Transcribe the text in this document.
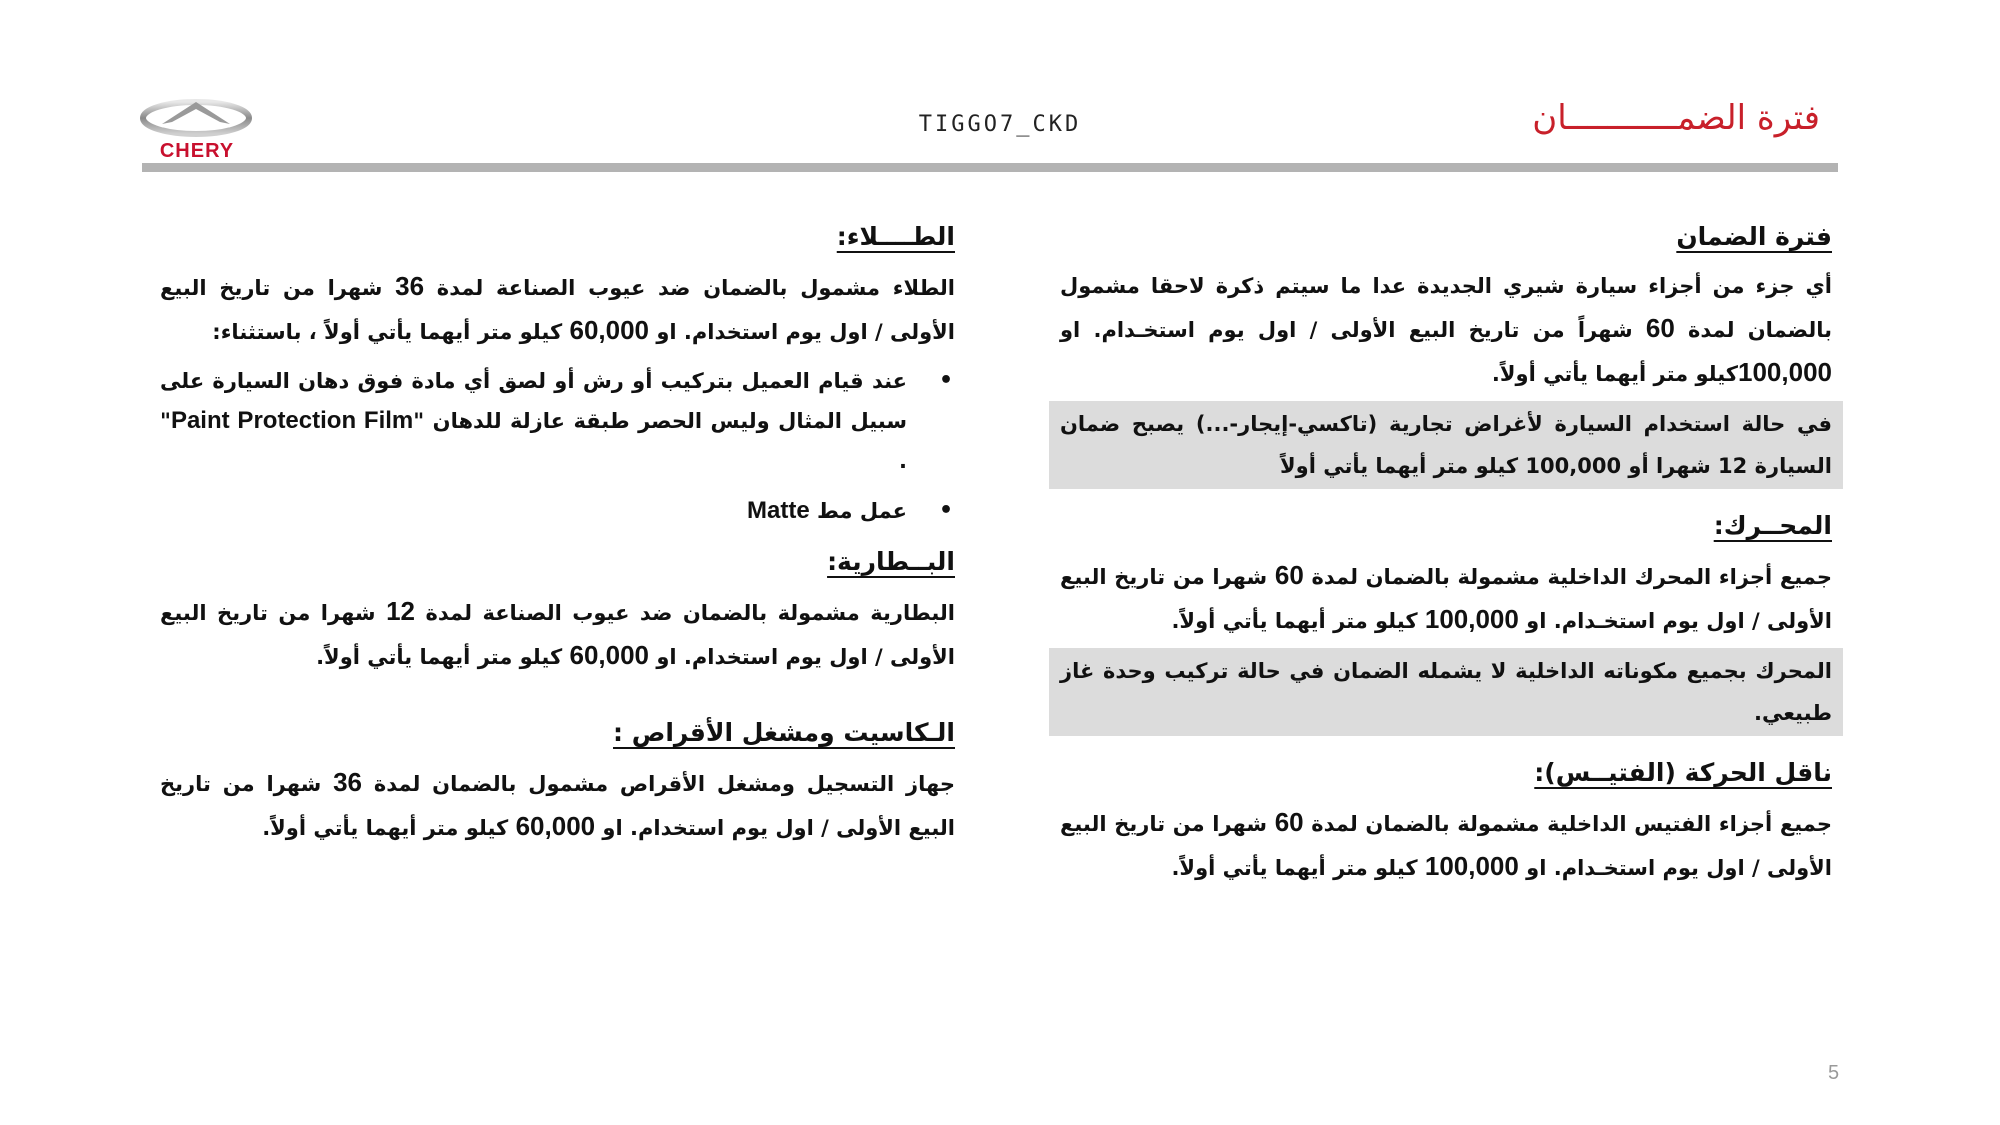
CHERY
TIGGO7_CKD	فترة الضمـــــــــــان
فترة الضمان
أي جزء من أجزاء سيارة شيري الجديدة عدا ما سيتم ذكرة لاحقا مشمول بالضمان لمدة 60 شهراً من تاريخ البيع الأولى / اول يوم استخـدام. او 100,000كيلو متر أيهما يأتي أولاً.
في حالة استخدام السيارة لأغراض تجارية (تاكسي-إيجار-...) يصبح ضمان السيارة 12 شهرا أو 100,000 كيلو متر أيهما يأتي أولاً
المحــرك:
جميع أجزاء المحرك الداخلية مشمولة بالضمان لمدة 60 شهرا من تاريخ البيع الأولى / اول يوم استخـدام. او 100,000 كيلو متر أيهما يأتي أولاً.
المحرك بجميع مكوناته الداخلية لا يشمله الضمان في حالة تركيب وحدة غاز طبيعي.
ناقل الحركة (الفتيــس):
جميع أجزاء الفتيس الداخلية مشمولة بالضمان لمدة 60 شهرا من تاريخ البيع الأولى / اول يوم استخـدام. او 100,000 كيلو متر أيهما يأتي أولاً.
الطــــلاء:
الطلاء مشمول بالضمان ضد عيوب الصناعة لمدة 36 شهرا من تاريخ البيع الأولى / اول يوم استخدام. او 60,000 كيلو متر أيهما يأتي أولاً ، باستثناء:
•
عند قيام العميل بتركيب أو رش أو لصق أي مادة فوق دهان السيارة على سبيل المثال وليس الحصر طبقة عازلة للدهان "Paint Protection Film" .
•
عمل مط Matte
البــطارية:
البطارية مشمولة بالضمان ضد عيوب الصناعة لمدة 12 شهرا من تاريخ البيع الأولى / اول يوم استخدام. او 60,000 كيلو متر أيهما يأتي أولاً.
الـكاسيت ومشغل الأقراص :
جهاز التسجيل ومشغل الأقراص مشمول بالضمان لمدة 36 شهرا من تاريخ البيع الأولى / اول يوم استخدام. او 60,000 كيلو متر أيهما يأتي أولاً.
5
